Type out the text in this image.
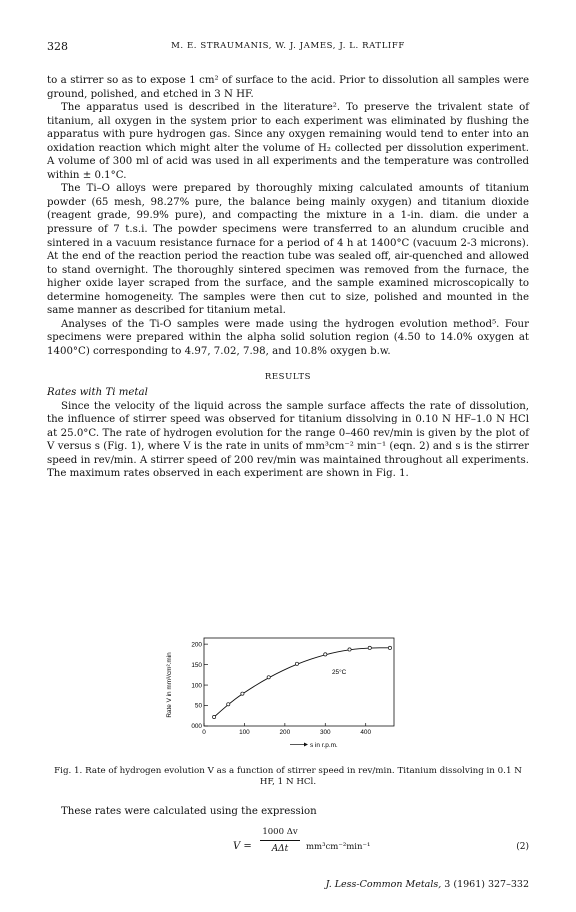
328	M. E. STRAUMANIS, W. J. JAMES, J. L. RATLIFF

to a stirrer so as to expose 1 cm² of surface to the acid. Prior to dissolution all samples were ground, polished, and etched in 3 N HF.

The apparatus used is described in the literature². To preserve the trivalent state of titanium, all oxygen in the system prior to each experiment was eliminated by flushing the apparatus with pure hydrogen gas. Since any oxygen remaining would tend to enter into an oxidation reaction which might alter the volume of H₂ collected per dissolution experiment. A volume of 300 ml of acid was used in all experiments and the temperature was controlled within ± 0.1°C.

The Ti–O alloys were prepared by thoroughly mixing calculated amounts of titanium powder (65 mesh, 98.27% pure, the balance being mainly oxygen) and titanium dioxide (reagent grade, 99.9% pure), and compacting the mixture in a 1-in. diam. die under a pressure of 7 t.s.i. The powder specimens were transferred to an alundum crucible and sintered in a vacuum resistance furnace for a period of 4 h at 1400°C (vacuum 2-3 microns). At the end of the reaction period the reaction tube was sealed off, air-quenched and allowed to stand overnight. The thoroughly sintered specimen was removed from the furnace, the higher oxide layer scraped from the surface, and the sample examined microscopically to determine homogeneity. The samples were then cut to size, polished and mounted in the same manner as described for titanium metal.

Analyses of the Ti-O samples were made using the hydrogen evolution method⁵. Four specimens were prepared within the alpha solid solution region (4.50 to 14.0% oxygen at 1400°C) corresponding to 4.97, 7.02, 7.98, and 10.8% oxygen b.w.

RESULTS

Rates with Ti metal

Since the velocity of the liquid across the sample surface affects the rate of dissolution, the influence of stirrer speed was observed for titanium dissolving in 0.10 N HF–1.0 N HCl at 25.0°C. The rate of hydrogen evolution for the range 0–460 rev/min is given by the plot of V versus s (Fig. 1), where V is the rate in units of mm³cm⁻² min⁻¹ (eqn. 2) and s is the stirrer speed in rev/min. A stirrer speed of 200 rev/min was maintained throughout all experiments. The maximum rates observed in each experiment are shown in Fig. 1.

Rate V in mm³/cm².min
s in r.p.m.
25°C
000
50
100
150
200
0	100	200	300	400
Fig. 1. Rate of hydrogen evolution V as a function of stirrer speed in rev/min. Titanium dissolving in 0.1 N HF, 1 N HCl.
These rates were calculated using the expression
V =
1000 Δv
AΔt	mm³cm⁻²min⁻¹	(2)
J. Less-Common Metals, 3 (1961) 327–332
